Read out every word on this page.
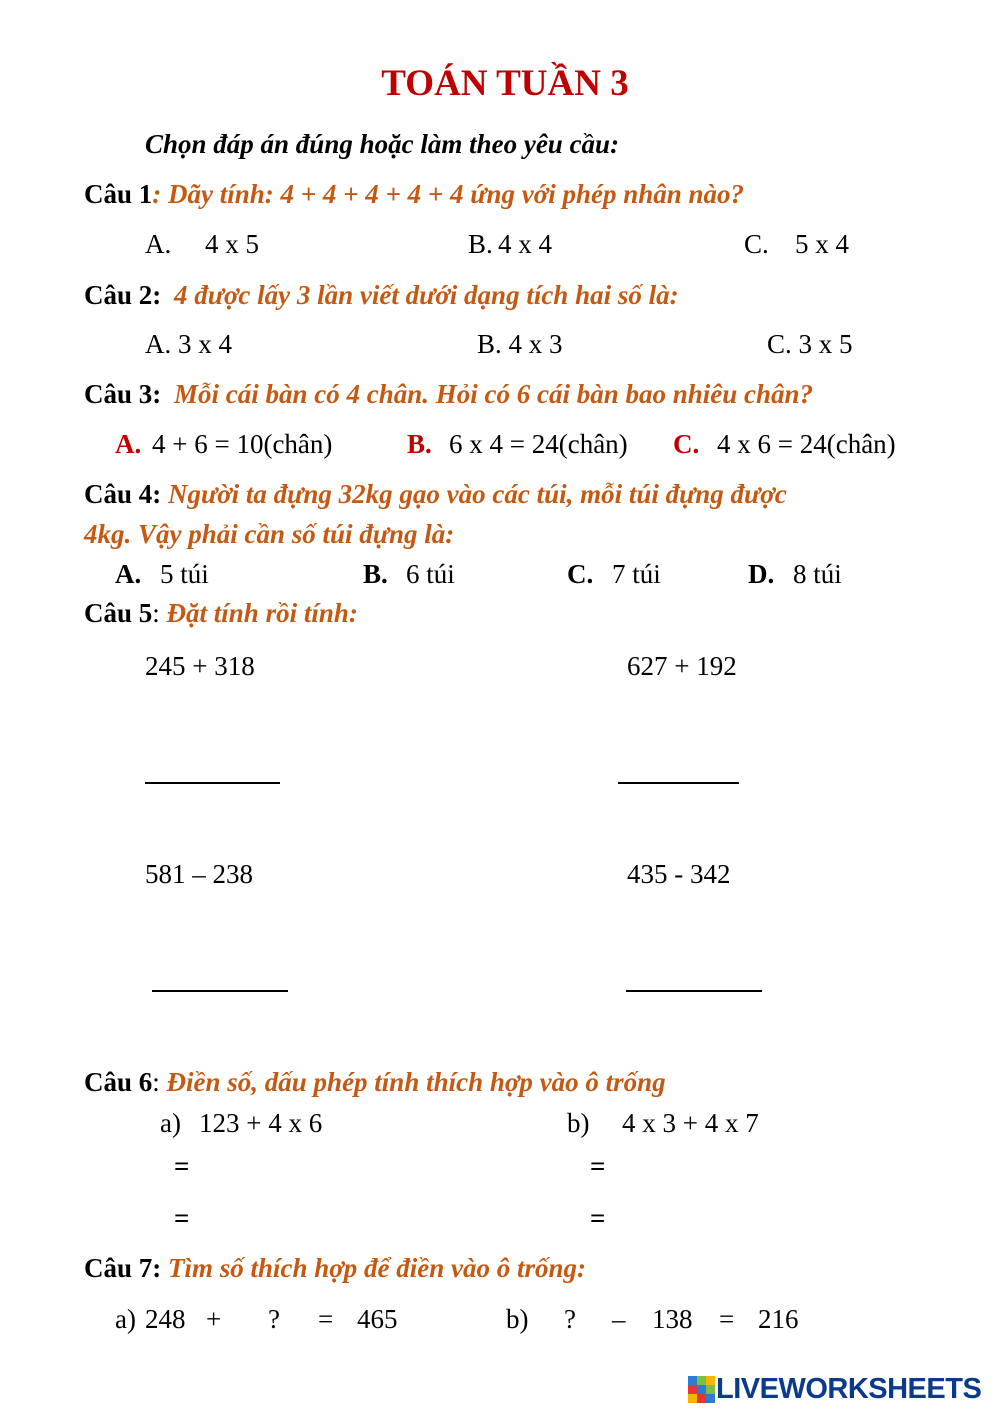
TOÁN TUẦN 3
Chọn đáp án đúng hoặc làm theo yêu cầu:
Câu 1: Dãy tính: 4 + 4 + 4 + 4 + 4 ứng với phép nhân nào?
A. 4 x 5	B. 4 x 4	C. 5 x 4
Câu 2: 4 được lấy 3 lần viết dưới dạng tích hai số là:
A. 3 x 4	B. 4 x 3	C. 3 x 5
Câu 3: Mỗi cái bàn có 4 chân. Hỏi có 6 cái bàn bao nhiêu chân?
A. 4 + 6 = 10(chân)	B. 6 x 4 = 24(chân) C. 4 x 6 = 24(chân)
Câu 4: Người ta đựng 32kg gạo vào các túi, mỗi túi đựng được
4kg. Vậy phải cần số túi đựng là:
A. 5 túi	B. 6 túi	C. 7 túi	D. 8 túi
Câu 5: Đặt tính rồi tính:
245 + 318	627 + 192
581 – 238	435 - 342
Câu 6: Điền số, dấu phép tính thích hợp vào ô trống
a) 123 + 4 x 6	b) 4 x 3 + 4 x 7
=	=
=	=
Câu 7: Tìm số thích hợp để điền vào ô trống:
a) 248 + ? = 465	b) ? – 138 = 216
LIVEWORKSHEETS
